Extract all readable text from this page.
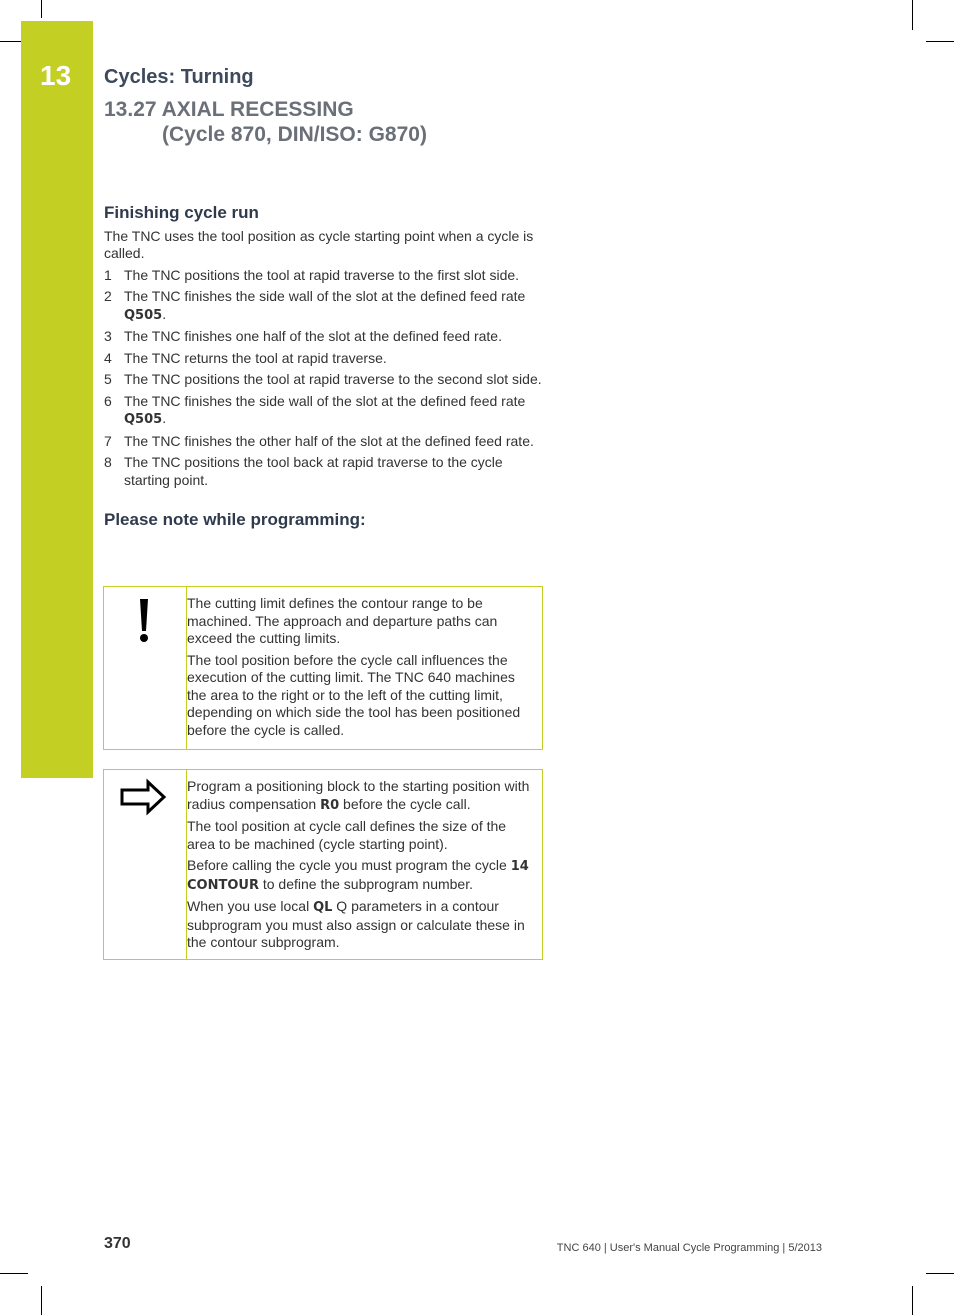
13	Cycles: Turning
13.27 AXIAL RECESSING
(Cycle 870, DIN/ISO: G870)
Finishing cycle run
The TNC uses the tool position as cycle starting point when a cycle is called.
1 The TNC positions the tool at rapid traverse to the first slot side.
2 The TNC finishes the side wall of the slot at the defined feed rate Q505.
3 The TNC finishes one half of the slot at the defined feed rate.
4 The TNC returns the tool at rapid traverse.
5 The TNC positions the tool at rapid traverse to the second slot side.
6 The TNC finishes the side wall of the slot at the defined feed rate Q505.
7 The TNC finishes the other half of the slot at the defined feed rate.
8 The TNC positions the tool back at rapid traverse to the cycle starting point.
Please note while programming:
The cutting limit defines the contour range to be machined. The approach and departure paths can exceed the cutting limits.
The tool position before the cycle call influences the execution of the cutting limit. The TNC 640 machines the area to the right or to the left of the cutting limit, depending on which side the tool has been positioned before the cycle is called.
Program a positioning block to the starting position with radius compensation R0 before the cycle call.
The tool position at cycle call defines the size of the area to be machined (cycle starting point).
Before calling the cycle you must program the cycle 14 CONTOUR to define the subprogram number.
When you use local QL Q parameters in a contour subprogram you must also assign or calculate these in the contour subprogram.
370	TNC 640 | User's Manual Cycle Programming | 5/2013
